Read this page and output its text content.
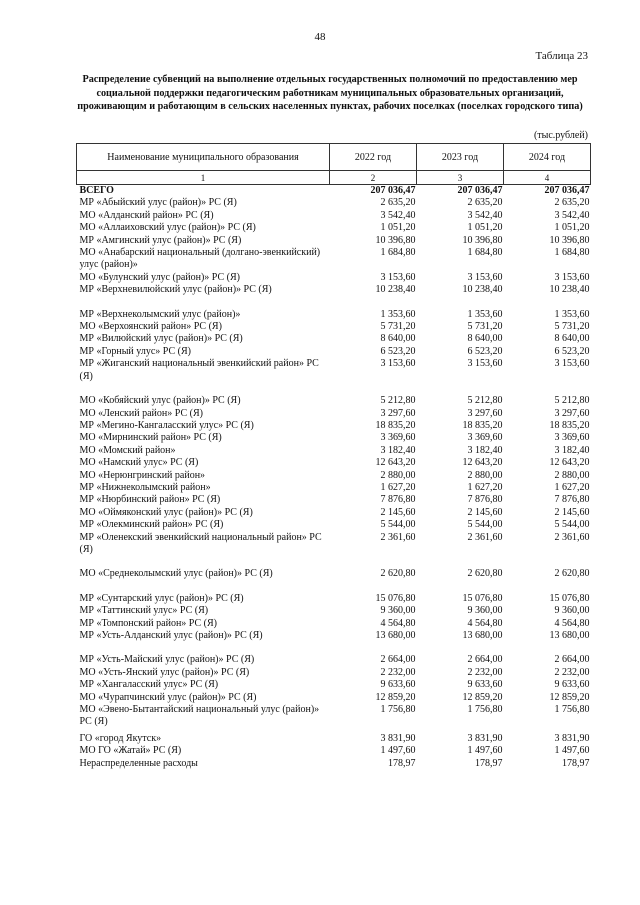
48
Таблица 23
Распределение субвенций на выполнение отдельных государственных полномочий по предоставлению мер социальной поддержки педагогическим работникам муниципальных образовательных организаций, проживающим и работающим в сельских населенных пунктах, рабочих поселках (поселках городского типа)
(тыс.рублей)
Наименование муниципального образования	2022 год	2023 год	2024 год
1	2	3	4
ВСЕГО	207 036,47	207 036,47	207 036,47
МР «Абыйский улус (район)» РС (Я)	2 635,20	2 635,20	2 635,20
МО «Алданский район» РС (Я)	3 542,40	3 542,40	3 542,40
МО «Аллаиховский улус (район)» РС (Я)	1 051,20	1 051,20	1 051,20
МР «Амгинский улус (район)» РС (Я)	10 396,80	10 396,80	10 396,80
МО «Анабарский национальный (долгано-эвенкийский) улус (район)»	1 684,80	1 684,80	1 684,80
МО «Булунский улус (район)» РС (Я)	3 153,60	3 153,60	3 153,60
МР «Верхневилюйский улус (район)» РС (Я)	10 238,40	10 238,40	10 238,40

МР «Верхнеколымский улус (район)»	1 353,60	1 353,60	1 353,60
МО «Верхоянский район» РС (Я)	5 731,20	5 731,20	5 731,20
МР «Вилюйский улус (район)» РС (Я)	8 640,00	8 640,00	8 640,00
МР «Горный улус» РС (Я)	6 523,20	6 523,20	6 523,20
МР «Жиганский национальный эвенкийский район» РС (Я)	3 153,60	3 153,60	3 153,60

МО «Кобяйский улус (район)» РС (Я)	5 212,80	5 212,80	5 212,80
МО «Ленский район» РС (Я)	3 297,60	3 297,60	3 297,60
МР «Мегино-Кангаласский улус» РС (Я)	18 835,20	18 835,20	18 835,20
МО «Мирнинский район» РС (Я)	3 369,60	3 369,60	3 369,60
МО «Момский район»	3 182,40	3 182,40	3 182,40
МО «Намский улус» РС (Я)	12 643,20	12 643,20	12 643,20
МО «Нерюнгринский район»	2 880,00	2 880,00	2 880,00
МР «Нижнеколымский район»	1 627,20	1 627,20	1 627,20
МР «Нюрбинский район» РС (Я)	7 876,80	7 876,80	7 876,80
МО «Оймяконский улус (район)» РС (Я)	2 145,60	2 145,60	2 145,60
МР «Олекминский район» РС (Я)	5 544,00	5 544,00	5 544,00
МР «Оленекский эвенкийский национальный район» РС (Я)	2 361,60	2 361,60	2 361,60

МО «Среднеколымский улус (район)» РС (Я)	2 620,80	2 620,80	2 620,80

МР «Сунтарский улус (район)» РС (Я)	15 076,80	15 076,80	15 076,80
МР «Таттинский улус» РС (Я)	9 360,00	9 360,00	9 360,00
МР «Томпонский район» РС (Я)	4 564,80	4 564,80	4 564,80
МР «Усть-Алданский улус (район)» РС (Я)	13 680,00	13 680,00	13 680,00

МР «Усть-Майский улус (район)» РС (Я)	2 664,00	2 664,00	2 664,00
МО «Усть-Янский улус (район)» РС (Я)	2 232,00	2 232,00	2 232,00
МР «Хангаласский улус» РС (Я)	9 633,60	9 633,60	9 633,60
МО «Чурапчинский улус (район)» РС (Я)	12 859,20	12 859,20	12 859,20
МО «Эвено-Бытантайский национальный улус (район)» РС (Я)	1 756,80	1 756,80	1 756,80

ГО «город Якутск»	3 831,90	3 831,90	3 831,90
МО ГО «Жатай» РС (Я)	1 497,60	1 497,60	1 497,60
Нераспределенные расходы	178,97	178,97	178,97
